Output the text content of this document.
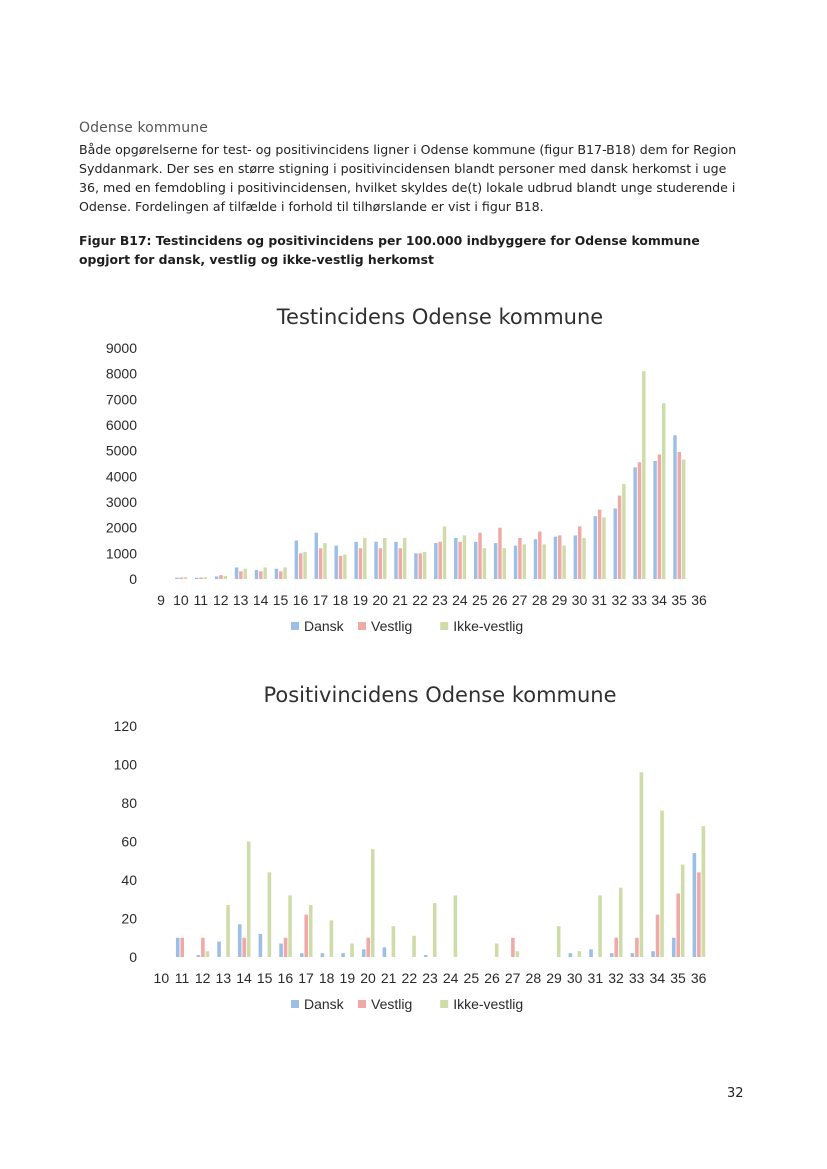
Odense kommune
Både opgørelserne for test- og positivincidens ligner i Odense kommune (figur B17-B18) dem for Region Syddanmark. Der ses en større stigning i positivincidensen blandt personer med dansk herkomst i uge 36, med en femdobling i positivincidensen, hvilket skyldes de(t) lokale udbrud blandt unge studerende i Odense. Fordelingen af tilfælde i forhold til tilhørslande er vist i figur B18.
Figur B17: Testincidens og positivincidens per 100.000 indbyggere for Odense kommune opgjort for dansk, vestlig og ikke-vestlig herkomst
Testincidens Odense kommune
0
1000
2000
3000
4000
5000
6000
7000
8000
9000
9 10 11 12 13 14 15 16 17 18 19 20 21 22 23 24 25 26 27 28 29 30 31 32 33 34 35 36
Dansk Vestlig	Ikke-vestlig
Positivincidens Odense kommune
0
20
40
60
80
100
120
10 11 12 13 14 15 16 17 18 19 20 21 22 23 24 25 26 27 28 29 30 31 32 33 34 35 36
Dansk Vestlig	Ikke-vestlig
32
